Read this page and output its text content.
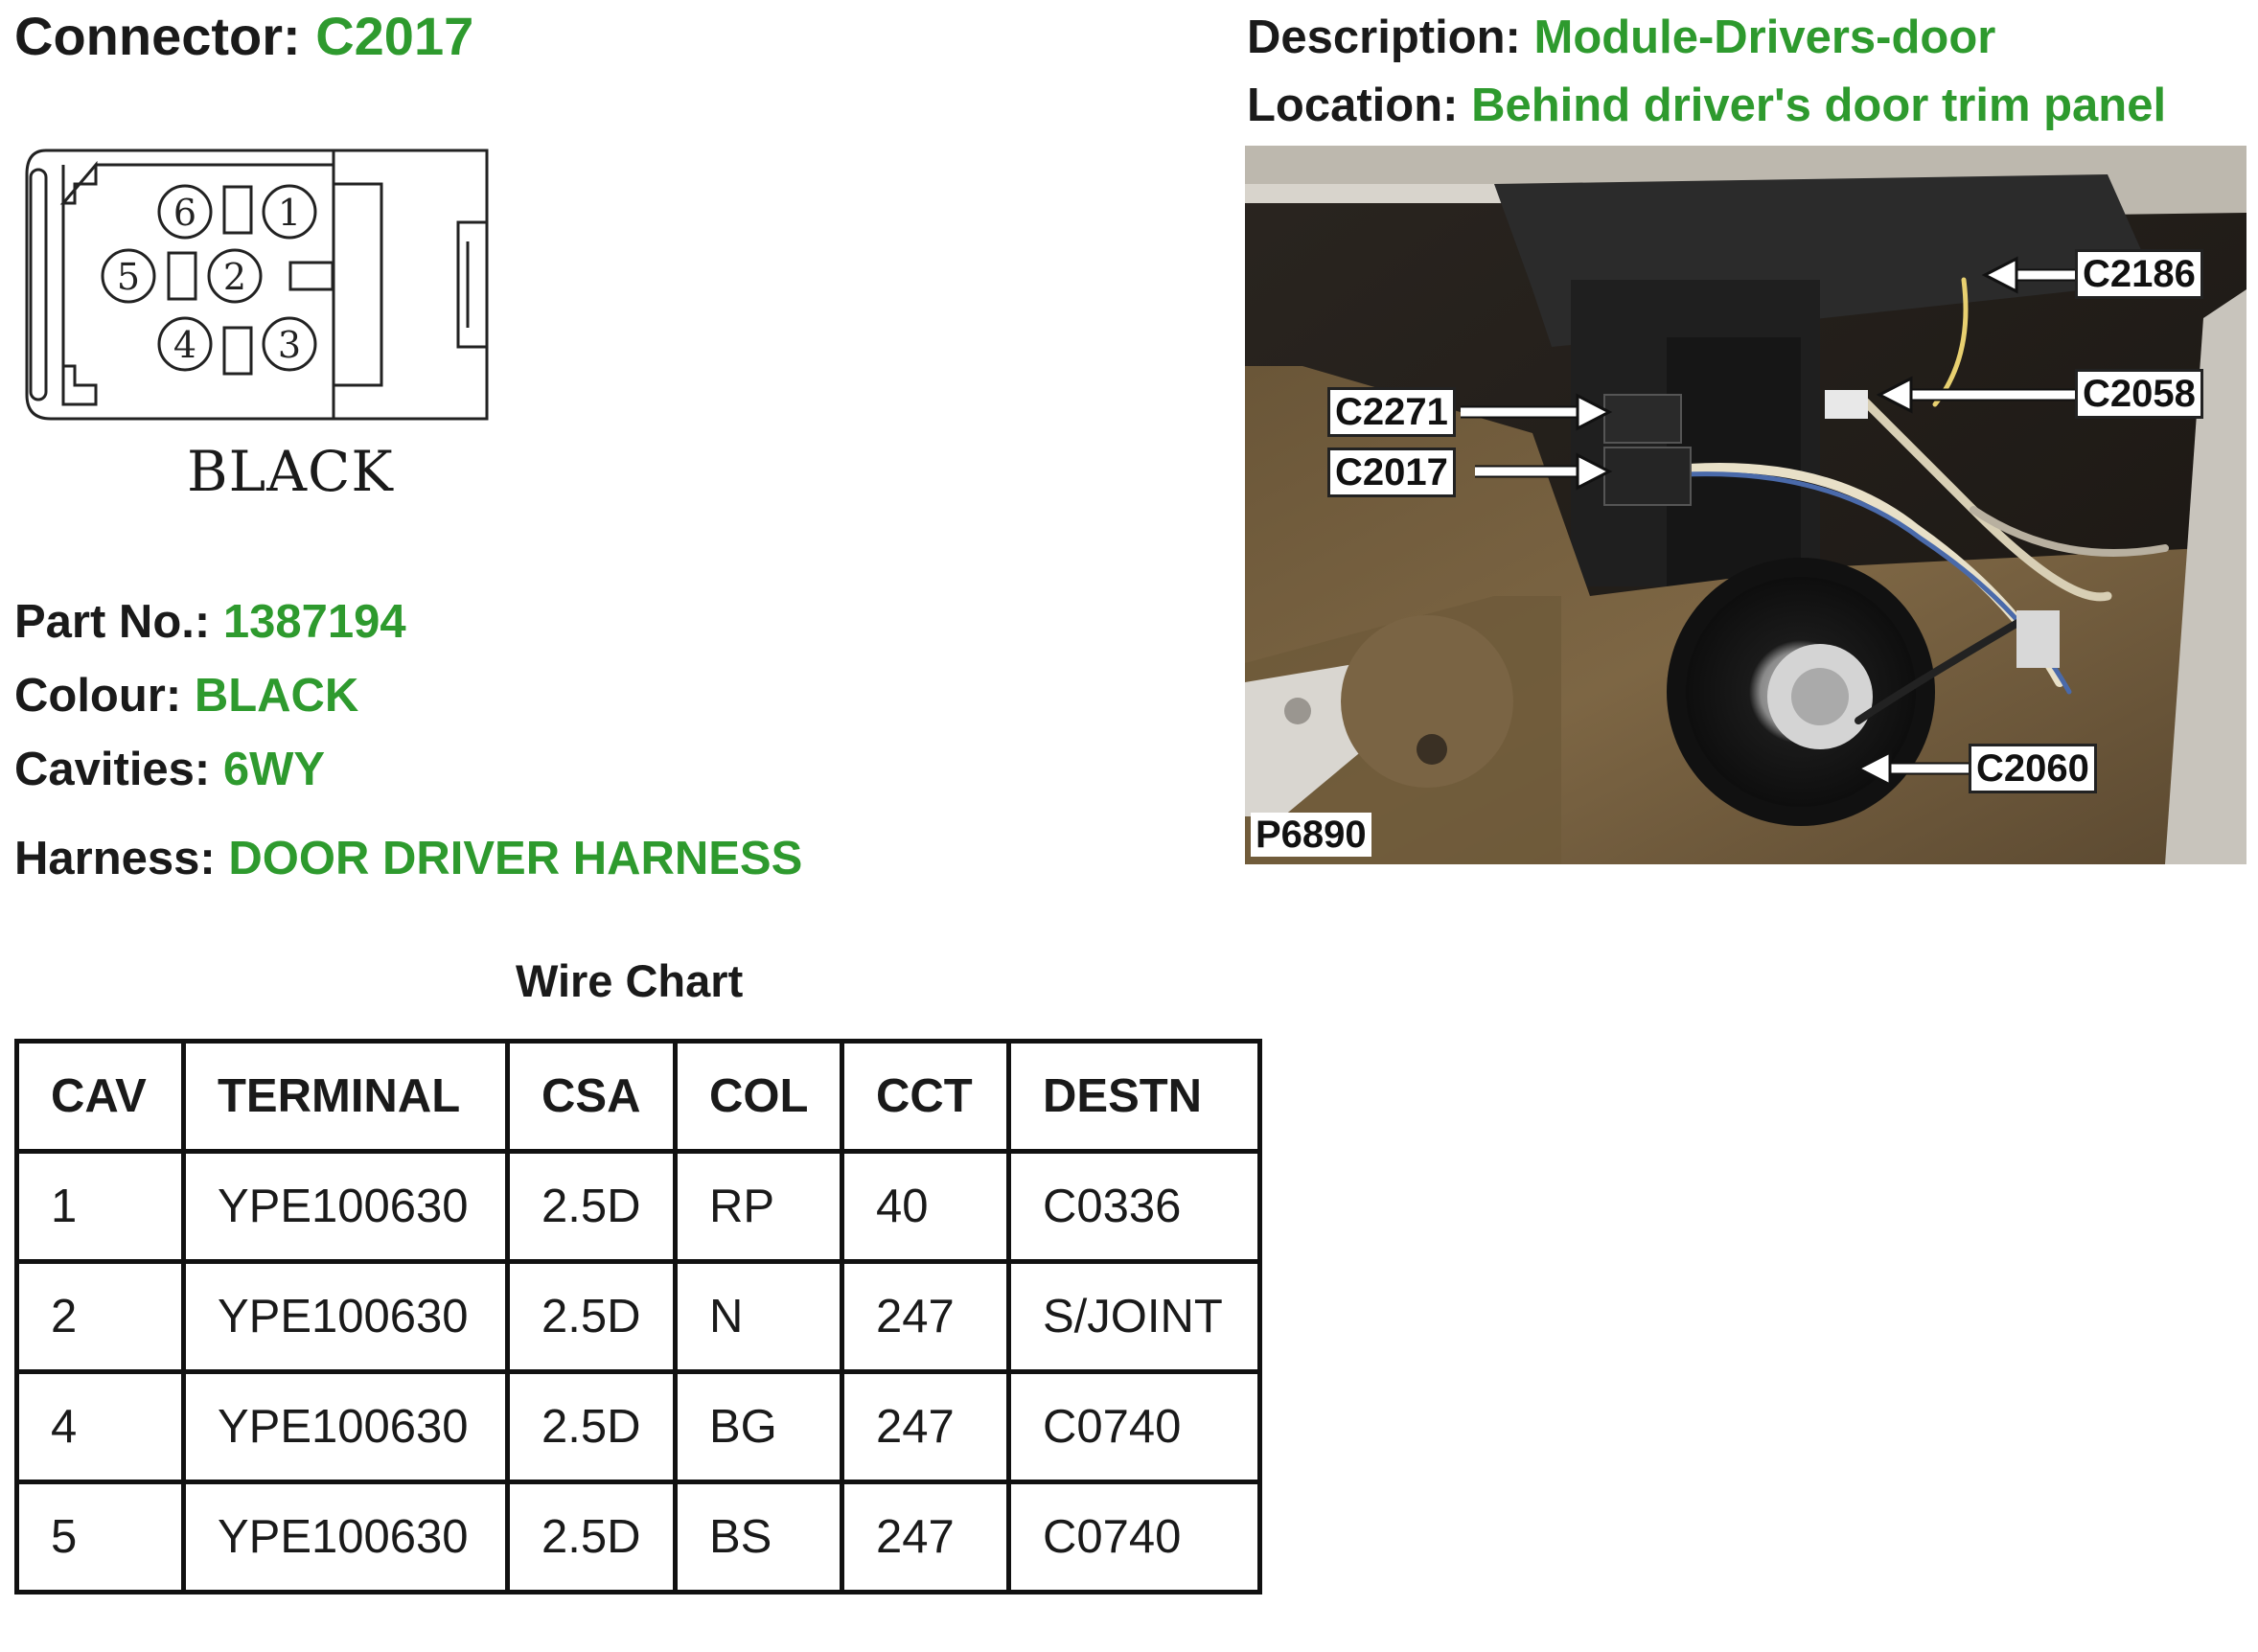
Connector: C2017	Description: Module-Drivers-door
Location: Behind driver's door trim panel
6 1
5 2
4 3
BLACK
C2186
C2271	C2058
C2017
C2060
P6890
Part No.: 1387194
Colour: BLACK
Cavities: 6WY
Harness: DOOR DRIVER HARNESS
Wire Chart
CAV	TERMINAL	CSA	COL	CCT	DESTN
1	YPE100630	2.5D	RP	40	C0336
2	YPE100630	2.5D	N	247	S/JOINT
4	YPE100630	2.5D	BG	247	C0740
5	YPE100630	2.5D	BS	247	C0740
